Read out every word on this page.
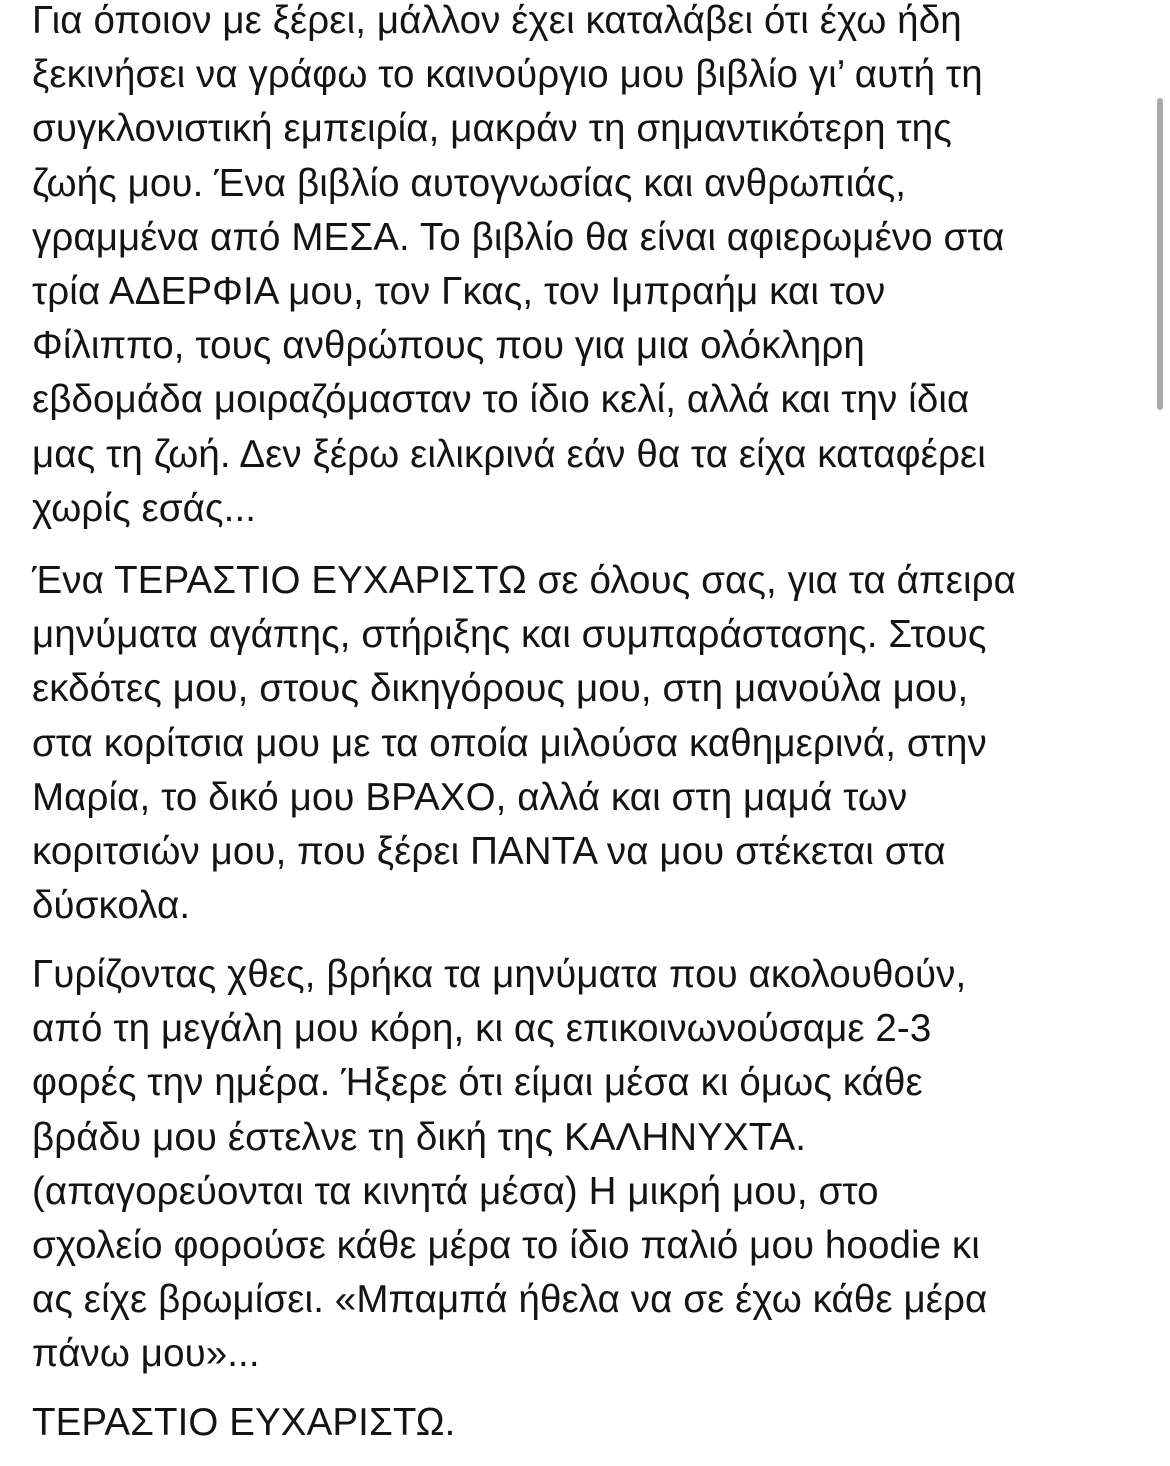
Για όποιον με ξέρει, μάλλον έχει καταλάβει ότι έχω ήδη
ξεκινήσει να γράφω το καινούργιο μου βιβλίο γι’ αυτή τη
συγκλονιστική εμπειρία, μακράν τη σημαντικότερη της
ζωής μου. Ένα βιβλίο αυτογνωσίας και ανθρωπιάς,
γραμμένα από ΜΕΣΑ. Το βιβλίο θα είναι αφιερωμένο στα
τρία ΑΔΕΡΦΙΑ μου, τον Γκας, τον Ιμπραήμ και τον
Φίλιππο, τους ανθρώπους που για μια ολόκληρη
εβδομάδα μοιραζόμασταν το ίδιο κελί, αλλά και την ίδια
μας τη ζωή. Δεν ξέρω ειλικρινά εάν θα τα είχα καταφέρει
χωρίς εσάς...
Ένα ΤΕΡΑΣΤΙΟ ΕΥΧΑΡΙΣΤΩ σε όλους σας, για τα άπειρα
μηνύματα αγάπης, στήριξης και συμπαράστασης. Στους
εκδότες μου, στους δικηγόρους μου, στη μανούλα μου,
στα κορίτσια μου με τα οποία μιλούσα καθημερινά, στην
Μαρία, το δικό μου ΒΡΑΧΟ, αλλά και στη μαμά των
κοριτσιών μου, που ξέρει ΠΑΝΤΑ να μου στέκεται στα
δύσκολα.
Γυρίζοντας χθες, βρήκα τα μηνύματα που ακολουθούν,
από τη μεγάλη μου κόρη, κι ας επικοινωνούσαμε 2-3
φορές την ημέρα. Ήξερε ότι είμαι μέσα κι όμως κάθε
βράδυ μου έστελνε τη δική της ΚΑΛΗΝΥΧΤΑ.
(απαγορεύονται τα κινητά μέσα) Η μικρή μου, στο
σχολείο φορούσε κάθε μέρα το ίδιο παλιό μου hoodie κι
ας είχε βρωμίσει. «Μπαμπά ήθελα να σε έχω κάθε μέρα
πάνω μου»...
ΤΕΡΑΣΤΙΟ ΕΥΧΑΡΙΣΤΩ.
